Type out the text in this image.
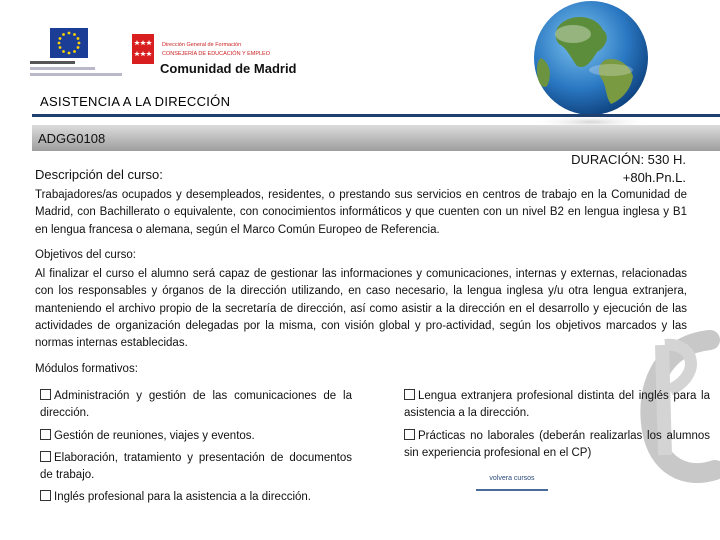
Dirección General de Formación
CONSEJERÍA DE EDUCACIÓN Y EMPLEO
Comunidad de Madrid
ASISTENCIA A LA DIRECCIÓN
ADGG0108
Descripción del curso:
DURACIÓN: 530 H.
+80h.Pn.L.
Trabajadores/as ocupados y desempleados, residentes, o prestando sus servicios en centros de trabajo en la Comunidad de Madrid, con Bachillerato o equivalente, con conocimientos informáticos y que cuenten con un nivel B2 en lengua inglesa y B1 en lengua francesa o alemana, según el Marco Común Europeo de Referencia.
Objetivos del curso:
Al finalizar el curso el alumno será capaz de gestionar las informaciones y comunicaciones, internas y externas, relacionadas con los responsables y órganos de la dirección utilizando, en caso necesario, la lengua inglesa y/u otra lengua extranjera, manteniendo el archivo propio de la secretaría de dirección, así como asistir a la dirección en el desarrollo y ejecución de las actividades de organización delegadas por la misma, con visión global y pro-actividad, según los objetivos marcados y las normas internas establecidas.
Módulos formativos:
Administración y gestión de las comunicaciones de la dirección.
Gestión de reuniones, viajes y eventos.
Elaboración, tratamiento y presentación de documentos de trabajo.
Inglés profesional para la asistencia a la dirección.
Lengua extranjera profesional distinta del inglés para la asistencia a la dirección.
Prácticas no laborales (deberán realizarlas los alumnos sin experiencia profesional en el CP)
volvera cursos
